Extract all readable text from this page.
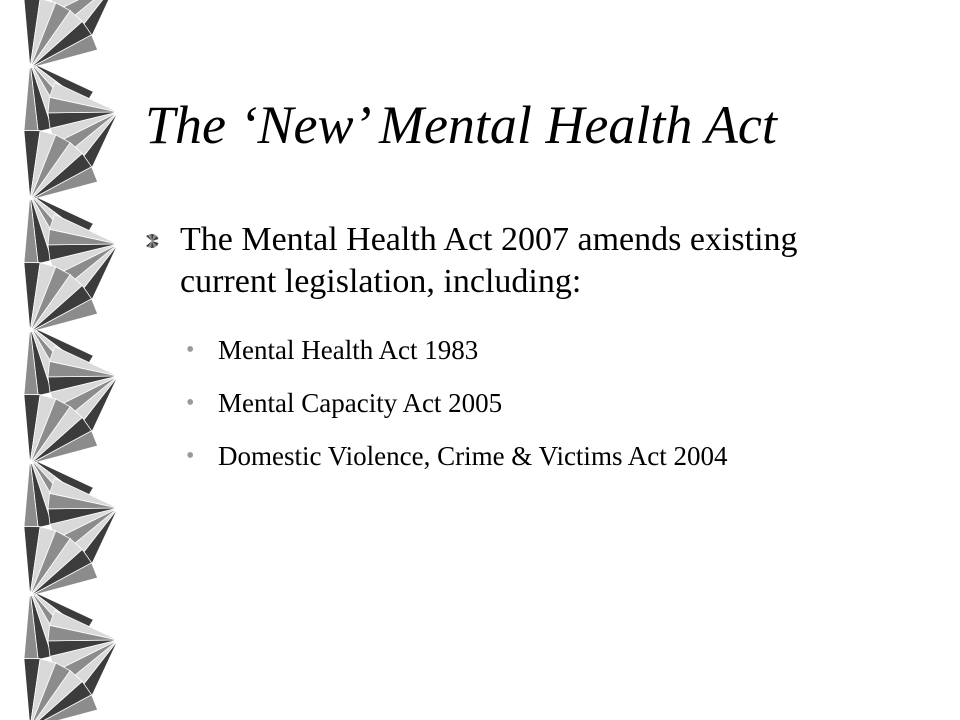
The ‘New’ Mental Health Act

The Mental Health Act 2007 amends existing current legislation, including:

• Mental Health Act 1983
• Mental Capacity Act 2005
• Domestic Violence, Crime & Victims Act 2004
